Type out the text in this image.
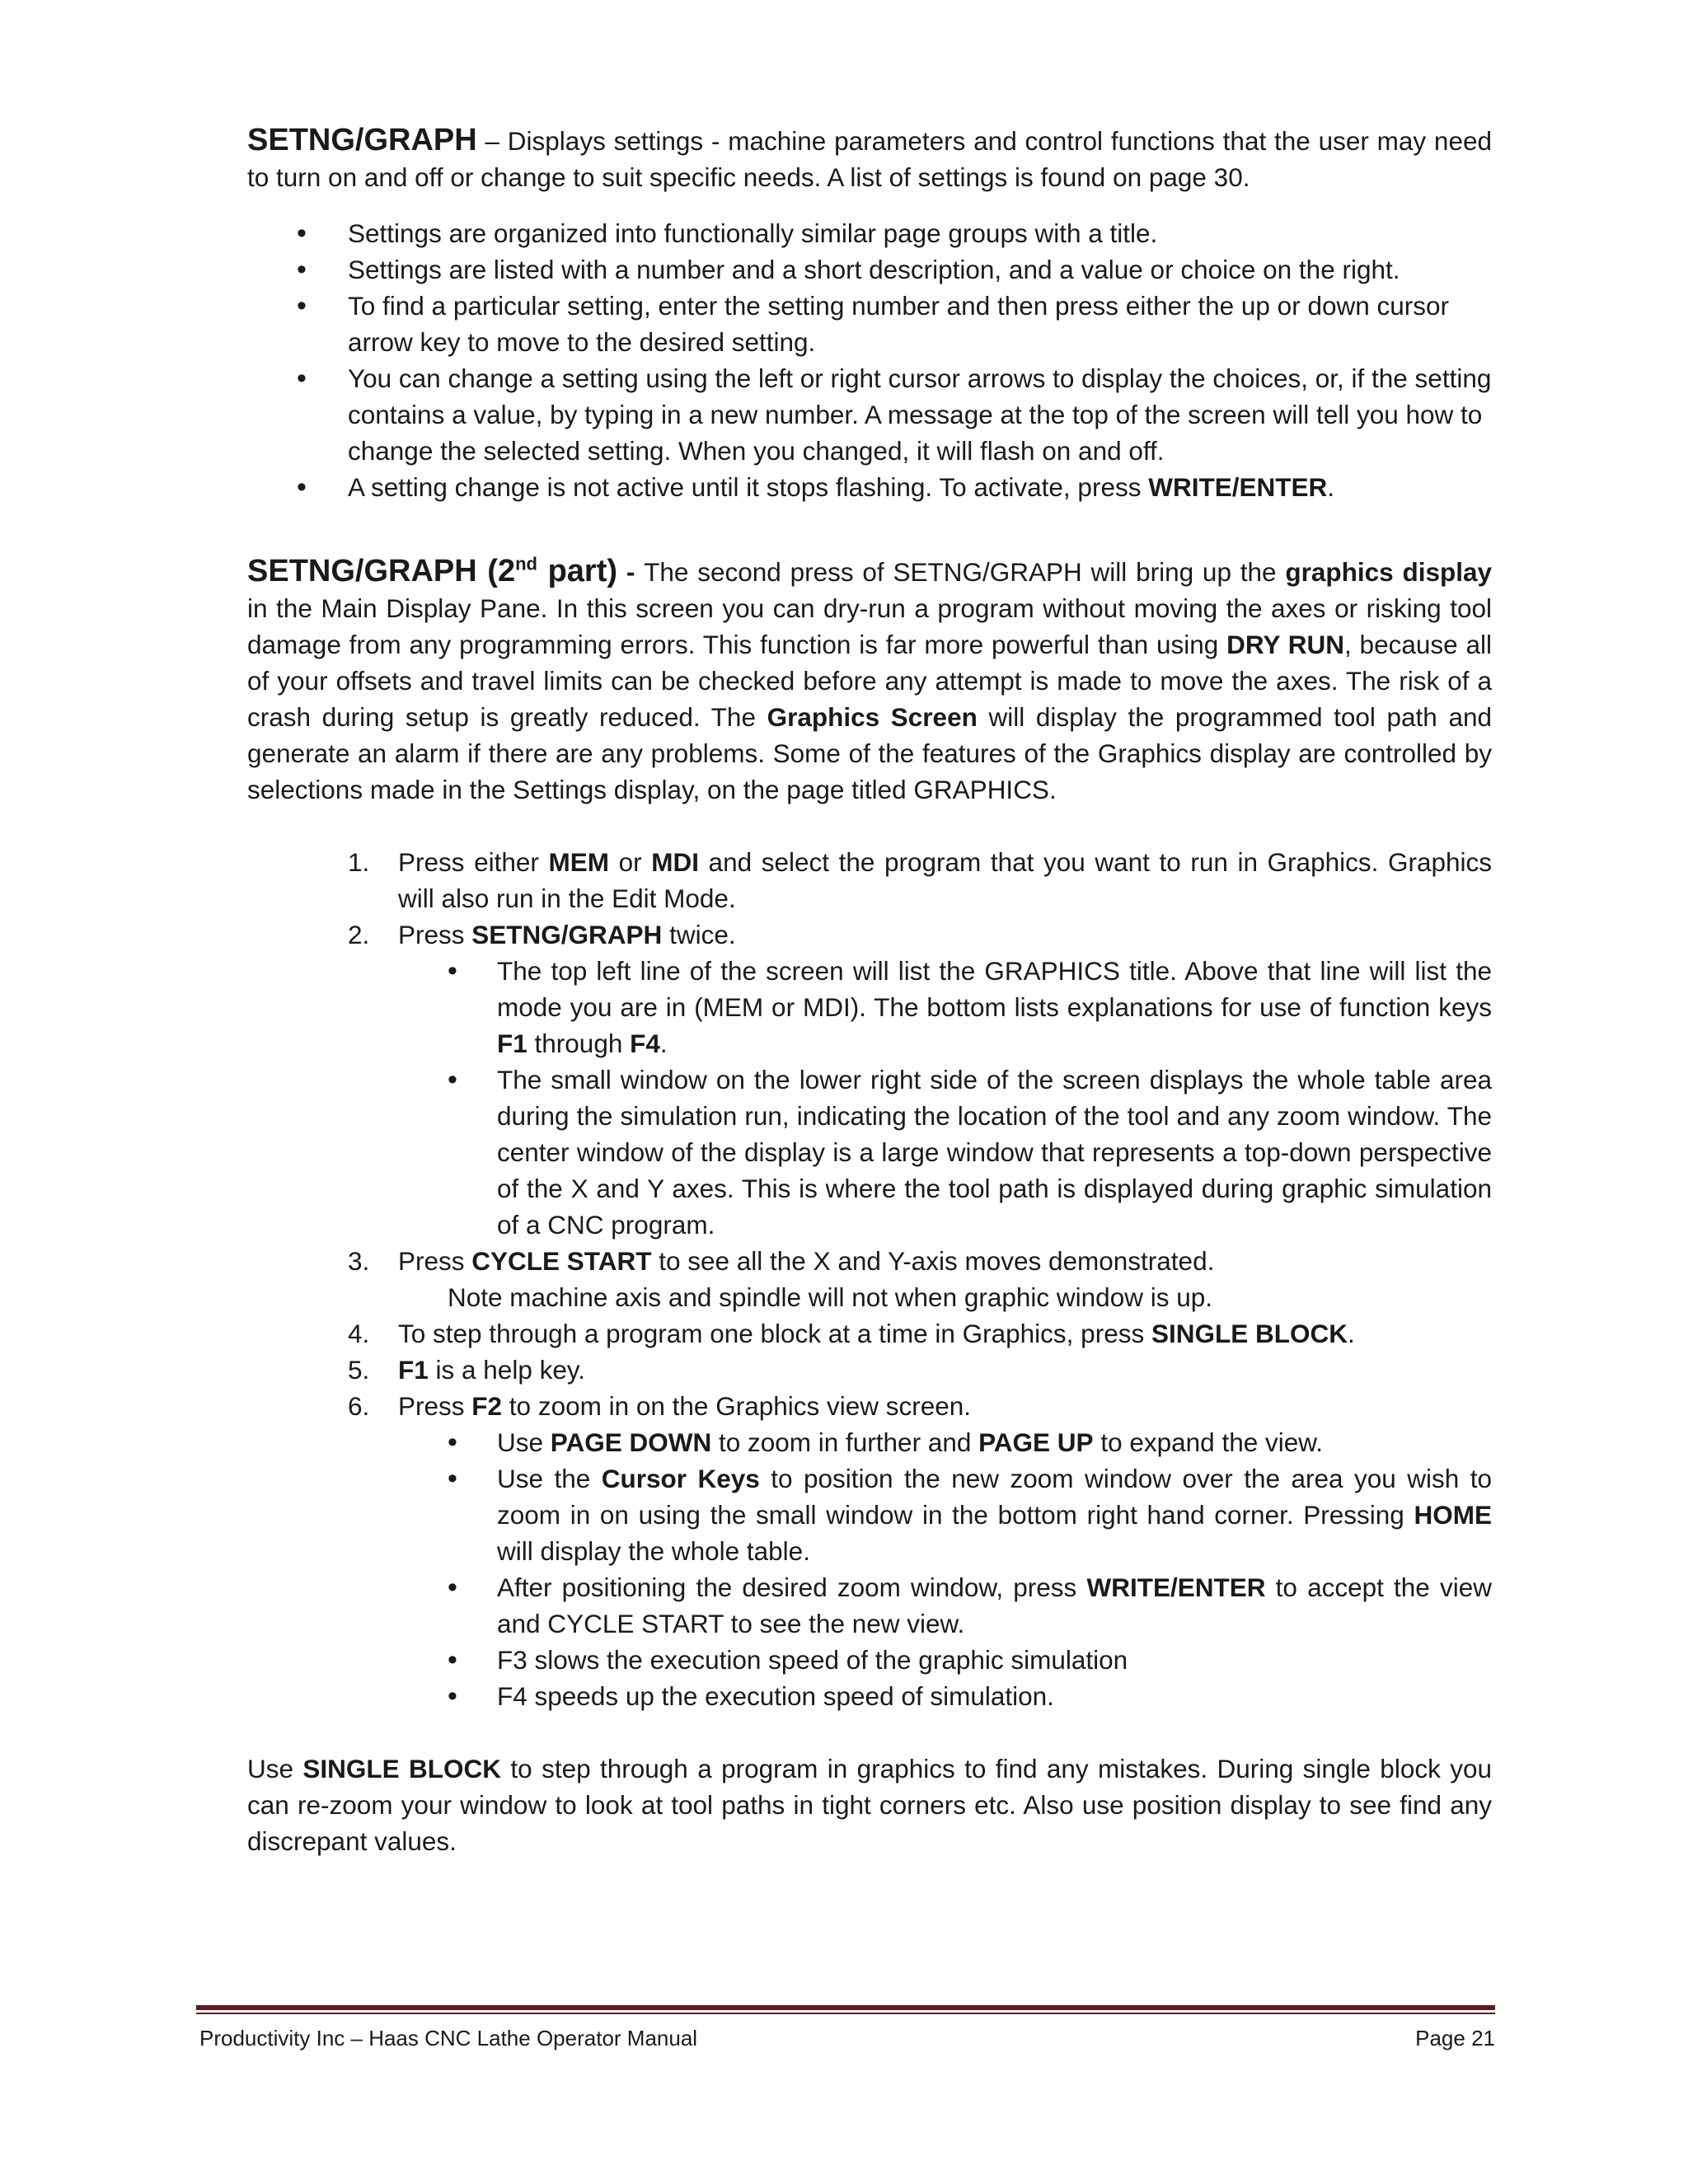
SETNG/GRAPH – Displays settings - machine parameters and control functions that the user may need to turn on and off or change to suit specific needs. A list of settings is found on page 30.

• Settings are organized into functionally similar page groups with a title.
• Settings are listed with a number and a short description, and a value or choice on the right.
• To find a particular setting, enter the setting number and then press either the up or down cursor arrow key to move to the desired setting.
• You can change a setting using the left or right cursor arrows to display the choices, or, if the setting contains a value, by typing in a new number. A message at the top of the screen will tell you how to change the selected setting. When you changed, it will flash on and off.
• A setting change is not active until it stops flashing. To activate, press WRITE/ENTER.

SETNG/GRAPH (2nd part) - The second press of SETNG/GRAPH will bring up the graphics display in the Main Display Pane. In this screen you can dry-run a program without moving the axes or risking tool damage from any programming errors. This function is far more powerful than using DRY RUN, because all of your offsets and travel limits can be checked before any attempt is made to move the axes. The risk of a crash during setup is greatly reduced. The Graphics Screen will display the programmed tool path and generate an alarm if there are any problems. Some of the features of the Graphics display are controlled by selections made in the Settings display, on the page titled GRAPHICS.

1. Press either MEM or MDI and select the program that you want to run in Graphics. Graphics will also run in the Edit Mode.
2. Press SETNG/GRAPH twice.
• The top left line of the screen will list the GRAPHICS title. Above that line will list the mode you are in (MEM or MDI). The bottom lists explanations for use of function keys F1 through F4.
• The small window on the lower right side of the screen displays the whole table area during the simulation run, indicating the location of the tool and any zoom window. The center window of the display is a large window that represents a top-down perspective of the X and Y axes. This is where the tool path is displayed during graphic simulation of a CNC program.
3. Press CYCLE START to see all the X and Y-axis moves demonstrated.

Note machine axis and spindle will not when graphic window is up.

4. To step through a program one block at a time in Graphics, press SINGLE BLOCK.
5. F1 is a help key.
6. Press F2 to zoom in on the Graphics view screen.
• Use PAGE DOWN to zoom in further and PAGE UP to expand the view.
• Use the Cursor Keys to position the new zoom window over the area you wish to zoom in on using the small window in the bottom right hand corner. Pressing HOME will display the whole table.
• After positioning the desired zoom window, press WRITE/ENTER to accept the view and CYCLE START to see the new view.
• F3 slows the execution speed of the graphic simulation
• F4 speeds up the execution speed of simulation.

Use SINGLE BLOCK to step through a program in graphics to find any mistakes. During single block you can re-zoom your window to look at tool paths in tight corners etc. Also use position display to see find any discrepant values.

Productivity Inc – Haas CNC Lathe Operator Manual	Page 21
